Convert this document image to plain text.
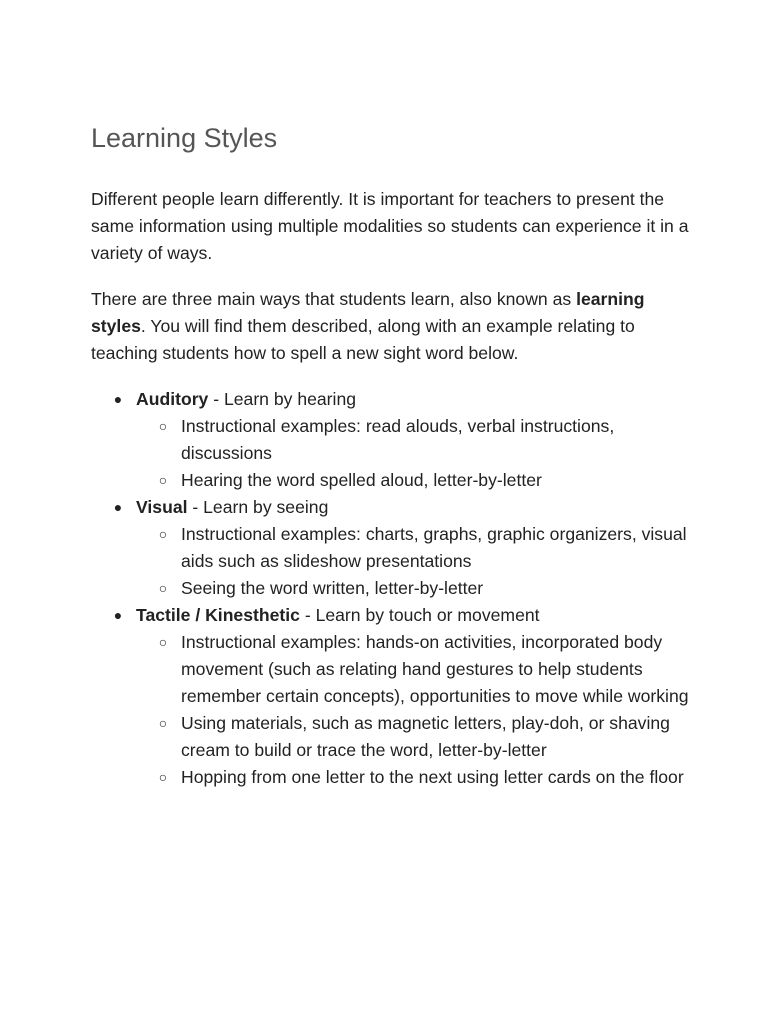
Learning Styles

Different people learn differently. It is important for teachers to present the same information using multiple modalities so students can experience it in a variety of ways.

There are three main ways that students learn, also known as learning styles. You will find them described, along with an example relating to teaching students how to spell a new sight word below.

● Auditory - Learn by hearing
○ Instructional examples: read alouds, verbal instructions, discussions
○ Hearing the word spelled aloud, letter-by-letter
● Visual - Learn by seeing
○ Instructional examples: charts, graphs, graphic organizers, visual aids such as slideshow presentations
○ Seeing the word written, letter-by-letter
● Tactile / Kinesthetic - Learn by touch or movement
○ Instructional examples: hands-on activities, incorporated body movement (such as relating hand gestures to help students remember certain concepts), opportunities to move while working
○ Using materials, such as magnetic letters, play-doh, or shaving cream to build or trace the word, letter-by-letter
○ Hopping from one letter to the next using letter cards on the floor
